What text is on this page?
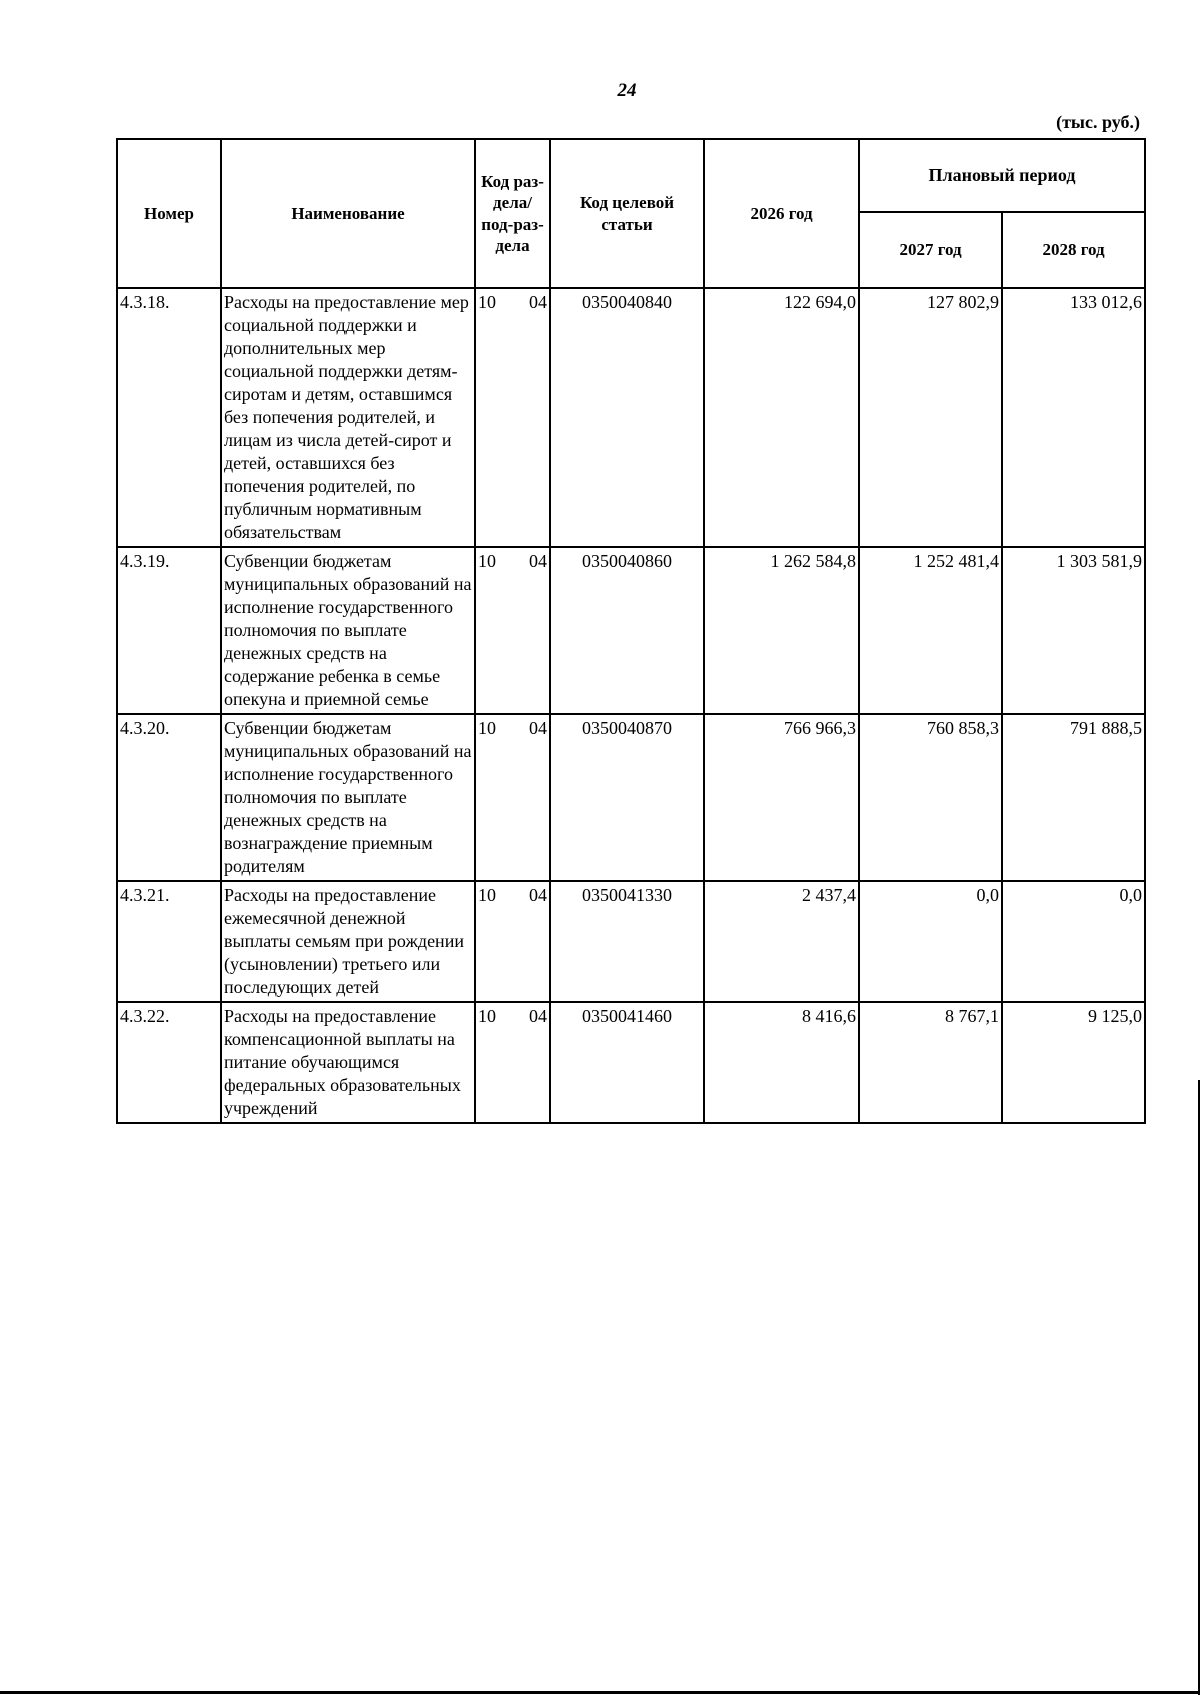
24
(тыс. руб.)
Номер	Наименование	Код раз-дела/ под-раз-дела		Код целевой статьи	2026 год	Плановый период	
						2027 год	2028 год
4.3.18.	Расходы на предоставление мер социальной поддержки и дополнительных мер социальной поддержки детям-сиротам и детям, оставшимся без попечения родителей, и лицам из числа детей-сирот и детей, оставшихся без попечения родителей, по публичным нормативным обязательствам	10	04	0350040840	122 694,0	127 802,9	133 012,6
4.3.19.	Субвенции бюджетам муниципальных образований на исполнение государственного полномочия по выплате денежных средств на содержание ребенка в семье опекуна и приемной семье	10	04	0350040860	1 262 584,8	1 252 481,4	1 303 581,9
4.3.20.	Субвенции бюджетам муниципальных образований на исполнение государственного полномочия по выплате денежных средств на вознаграждение приемным родителям	10	04	0350040870	766 966,3	760 858,3	791 888,5
4.3.21.	Расходы на предоставление ежемесячной денежной выплаты семьям при рождении (усыновлении) третьего или последующих детей	10	04	0350041330	2 437,4	0,0	0,0
4.3.22.	Расходы на предоставление компенсационной выплаты на питание обучающимся федеральных образовательных учреждений	10	04	0350041460	8 416,6	8 767,1	9 125,0
